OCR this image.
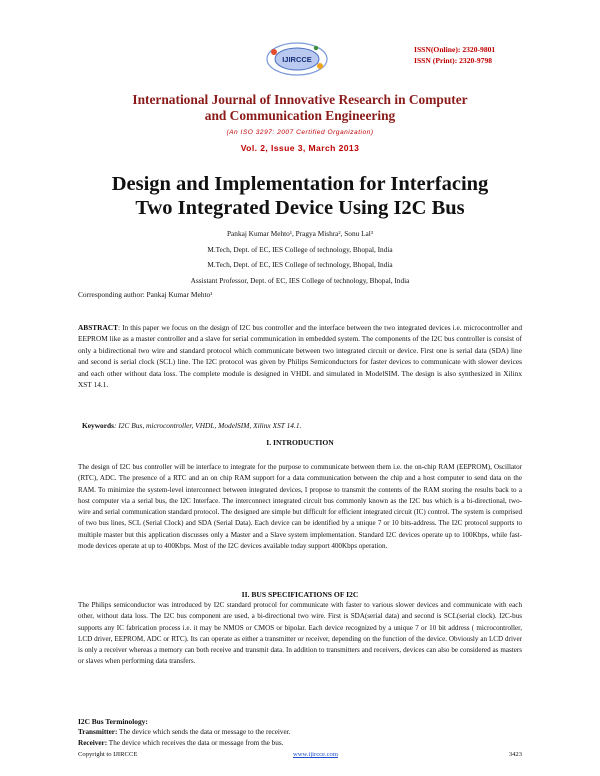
IJIRCCE
ISSN(Online): 2320-9801
ISSN (Print): 2320-9798
International Journal of Innovative Research in Computer
and Communication Engineering
(An ISO 3297: 2007 Certified Organization)
Vol. 2, Issue 3, March 2013
Design and Implementation for Interfacing
Two Integrated Device Using I2C Bus
Pankaj Kumar Mehto¹, Pragya Mishra², Sonu Lal³
M.Tech, Dept. of EC, IES College of technology, Bhopal, India
M.Tech, Dept. of EC, IES College of technology, Bhopal, India
Assistant Professor, Dept. of EC, IES College of technology, Bhopal, India
Corresponding author: Pankaj Kumar Mehto¹
ABSTRACT: In this paper we focus on the design of I2C bus controller and the interface between the two integrated devices i.e. microcontroller and EEPROM like as a master controller and a slave for serial communication in embedded system. The components of the I2C bus controller is consist of only a bidirectional two wire and standard protocol which communicate between two integrated circuit or device. First one is serial data (SDA) line and second is serial clock (SCL) line. The I2C protocol was given by Philips Semiconductors for faster devices to communicate with slower devices and each other without data loss. The complete module is designed in VHDL and simulated in ModelSIM. The design is also synthesized in Xilinx XST 14.1.
Keywords: I2C Bus, microcontroller, VHDL, ModelSIM, Xilinx XST 14.1.
I. INTRODUCTION
The design of I2C bus controller will be interface to integrate for the purpose to communicate between them i.e. the on-chip RAM (EEPROM), Oscillator (RTC), ADC. The presence of a RTC and an on chip RAM support for a data communication between the chip and a host computer to send data on the RAM. To minimize the system-level interconnect between integrated devices, I propose to transmit the contents of the RAM storing the results back to a host computer via a serial bus, the I2C Interface. The interconnect integrated circuit bus commonly known as the I2C bus which is a bi-directional, two-wire and serial communication standard protocol. The designed are simple but difficult for efficient integrated circuit (IC) control. The system is comprised of two bus lines, SCL (Serial Clock) and SDA (Serial Data). Each device can be identified by a unique 7 or 10 bits-address. The I2C protocol supports to multiple master but this application discusses only a Master and a Slave system implementation. Standard I2C devices operate up to 100Kbps, while fast-mode devices operate at up to 400Kbps. Most of the I2C devices available today support 400Kbps operation.
II. BUS SPECIFICATIONS OF I2C
The Philips semiconductor was introduced by I2C standard protocol for communicate with faster to various slower devices and communicate with each other, without data loss. The I2C bus component are used, a bi-directional two wire. First is SDA(serial data) and second is SCL(serial clock). I2C-bus supports any IC fabrication process i.e. it may be NMOS or CMOS or bipolar. Each device recognized by a unique 7 or 10 bit address ( microcontroller, LCD driver, EEPROM, ADC or RTC). Its can operate as either a transmitter or receiver, depending on the function of the device. Obviously an LCD driver is only a receiver whereas a memory can both receive and transmit data. In addition to transmitters and receivers, devices can also be considered as masters or slaves when performing data transfers.
I2C Bus Terminology:
Transmitter: The device which sends the data or message to the receiver.
Receiver: The device which receives the data or message from the bus.
Copyright to IJIRCCE	www.ijircce.com	3423
